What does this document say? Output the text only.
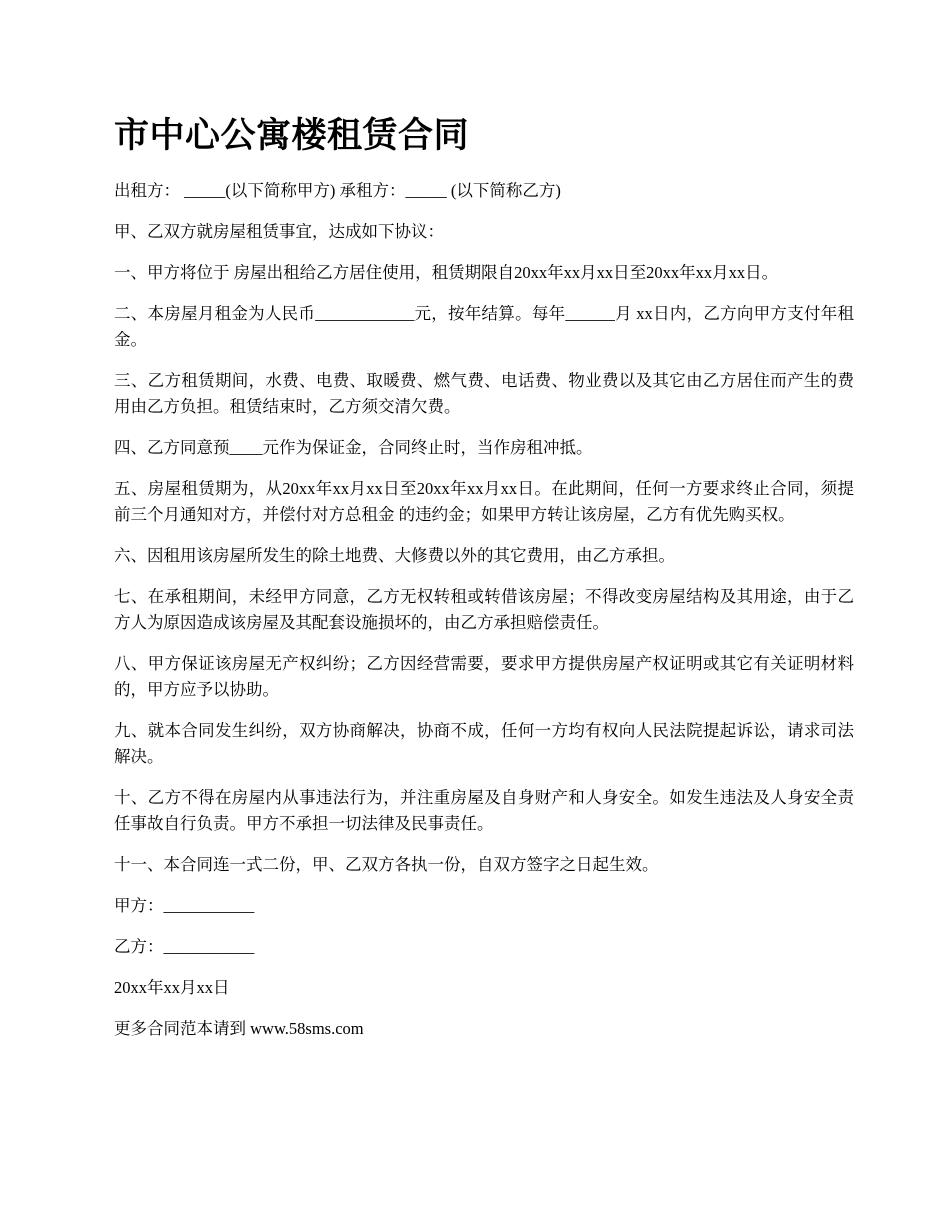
市中心公寓楼租赁合同

出租方： _____(以下简称甲方) 承租方：_____ (以下简称乙方)

甲、乙双方就房屋租赁事宜，达成如下协议：

一、甲方将位于 房屋出租给乙方居住使用，租赁期限自20xx年xx月xx日至20xx年xx月xx日。

二、本房屋月租金为人民币____________元，按年结算。每年______月 xx日内，乙方向甲方支付年租金。

三、乙方租赁期间，水费、电费、取暖费、燃气费、电话费、物业费以及其它由乙方居住而产生的费用由乙方负担。租赁结束时，乙方须交清欠费。

四、乙方同意预____元作为保证金，合同终止时，当作房租冲抵。

五、房屋租赁期为，从20xx年xx月xx日至20xx年xx月xx日。在此期间，任何一方要求终止合同，须提前三个月通知对方，并偿付对方总租金 的违约金；如果甲方转让该房屋，乙方有优先购买权。

六、因租用该房屋所发生的除土地费、大修费以外的其它费用，由乙方承担。

七、在承租期间，未经甲方同意，乙方无权转租或转借该房屋；不得改变房屋结构及其用途，由于乙方人为原因造成该房屋及其配套设施损坏的，由乙方承担赔偿责任。

八、甲方保证该房屋无产权纠纷；乙方因经营需要，要求甲方提供房屋产权证明或其它有关证明材料的，甲方应予以协助。

九、就本合同发生纠纷，双方协商解决，协商不成，任何一方均有权向人民法院提起诉讼，请求司法解决。

十、乙方不得在房屋内从事违法行为，并注重房屋及自身财产和人身安全。如发生违法及人身安全责任事故自行负责。甲方不承担一切法律及民事责任。

十一、本合同连一式二份，甲、乙双方各执一份，自双方签字之日起生效。

甲方：___________

乙方：___________

20xx年xx月xx日

更多合同范本请到 www.58sms.com
